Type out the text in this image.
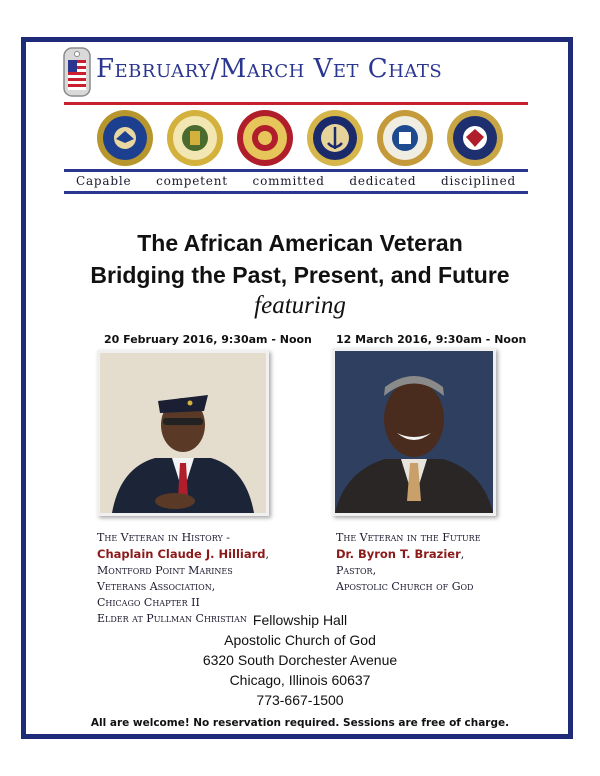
February/March Vet Chats
Capable	competent	committed	dedicated	disciplined
The African American Veteran
Bridging the Past, Present, and Future
featuring
20 February 2016, 9:30am - Noon
The Veteran in History -
Chaplain Claude J. Hilliard,
Montford Point Marines
Veterans Association,
Chicago Chapter II
Elder at Pullman Christian
12 March 2016, 9:30am - Noon
The Veteran in the Future
Dr. Byron T. Brazier,
Pastor,
Apostolic Church of God
Fellowship Hall
Apostolic Church of God
6320 South Dorchester Avenue
Chicago, Illinois 60637
773-667-1500
All are welcome! No reservation required. Sessions are free of charge.
